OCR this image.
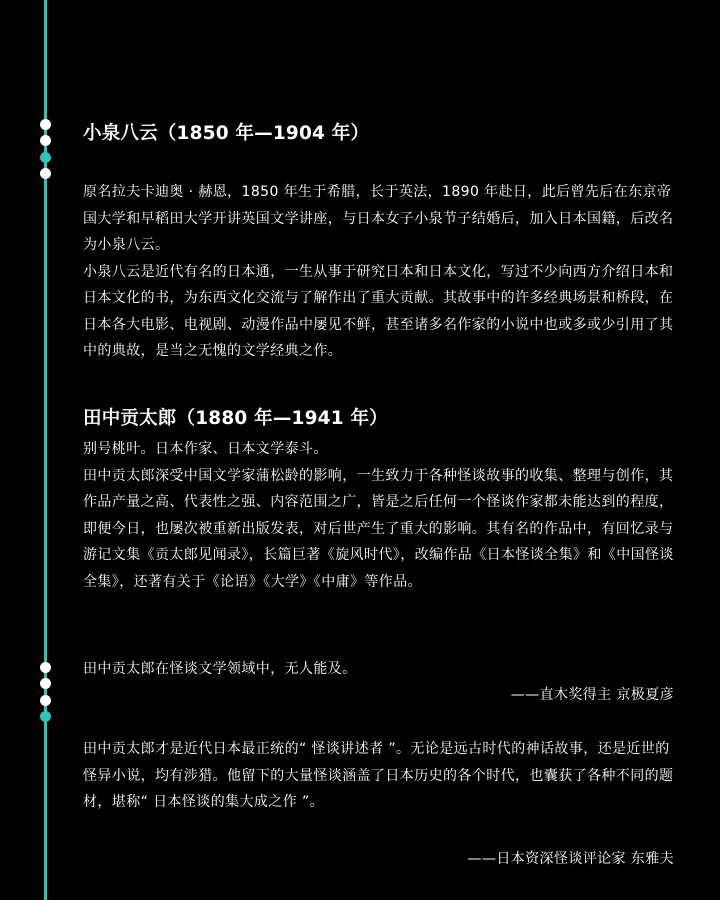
小泉八云（1850 年—1904 年）

原名拉夫卡迪奥 · 赫恩，1850 年生于希腊，长于英法，1890 年赴日，此后曾先后在东京帝国大学和早稻田大学开讲英国文学讲座，与日本女子小泉节子结婚后，加入日本国籍，后改名为小泉八云。

小泉八云是近代有名的日本通，一生从事于研究日本和日本文化，写过不少向西方介绍日本和日本文化的书，为东西文化交流与了解作出了重大贡献。其故事中的许多经典场景和桥段，在日本各大电影、电视剧、动漫作品中屡见不鲜，甚至诸多名作家的小说中也或多或少引用了其中的典故，是当之无愧的文学经典之作。

田中贡太郎（1880 年—1941 年）

别号桃叶。日本作家、日本文学泰斗。

田中贡太郎深受中国文学家蒲松龄的影响，一生致力于各种怪谈故事的收集、整理与创作，其作品产量之高、代表性之强、内容范围之广，皆是之后任何一个怪谈作家都未能达到的程度，即便今日，也屡次被重新出版发表，对后世产生了重大的影响。其有名的作品中，有回忆录与游记文集《贡太郎见闻录》，长篇巨著《旋风时代》，改编作品《日本怪谈全集》和《中国怪谈全集》，还著有关于《论语》《大学》《中庸》等作品。

田中贡太郎在怪谈文学领域中，无人能及。
——直木奖得主 京极夏彦
田中贡太郎才是近代日本最正统的“ 怪谈讲述者 ”。无论是远古时代的神话故事，还是近世的怪异小说，均有涉猎。他留下的大量怪谈涵盖了日本历史的各个时代，也囊获了各种不同的题材，堪称“ 日本怪谈的集大成之作 ”。
——日本资深怪谈评论家 东雅夫
